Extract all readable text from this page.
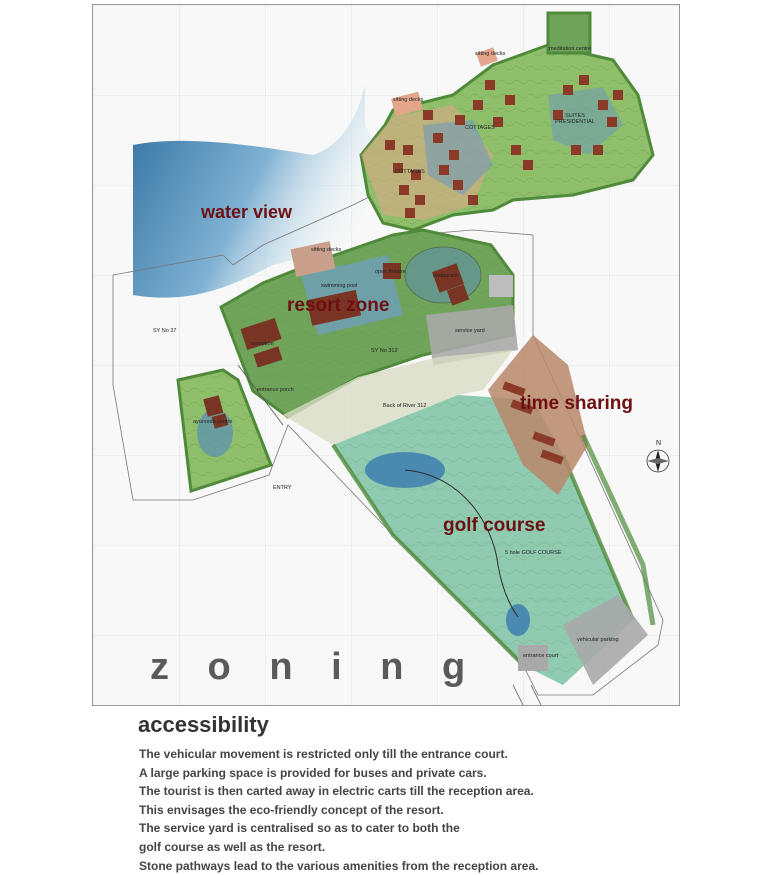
water view
resort zone
time sharing
golf course
meditation centre
sitting decks
sitting decks
sitting decks
COTTAGES
COTTAGES
SUITES PRESIDENTIAL
open theatre
swimming pool
restaurant
service yard
SY No 37
SY No 312
reception
entrance porch
ayurveda centre
ENTRY
Back of River 312
5 hole GOLF COURSE
entrance court
vehicular parking
N
z o n i n g
accessibility
The vehicular movement is restricted only till the entrance court.
A large parking space is provided for buses and private cars.
The tourist is then carted away in electric carts till the reception area.
This envisages the eco-friendly concept of the resort.
The service yard is centralised so as to cater to both the
golf course as well as the resort.
Stone pathways lead to the various amenities from the reception area.
